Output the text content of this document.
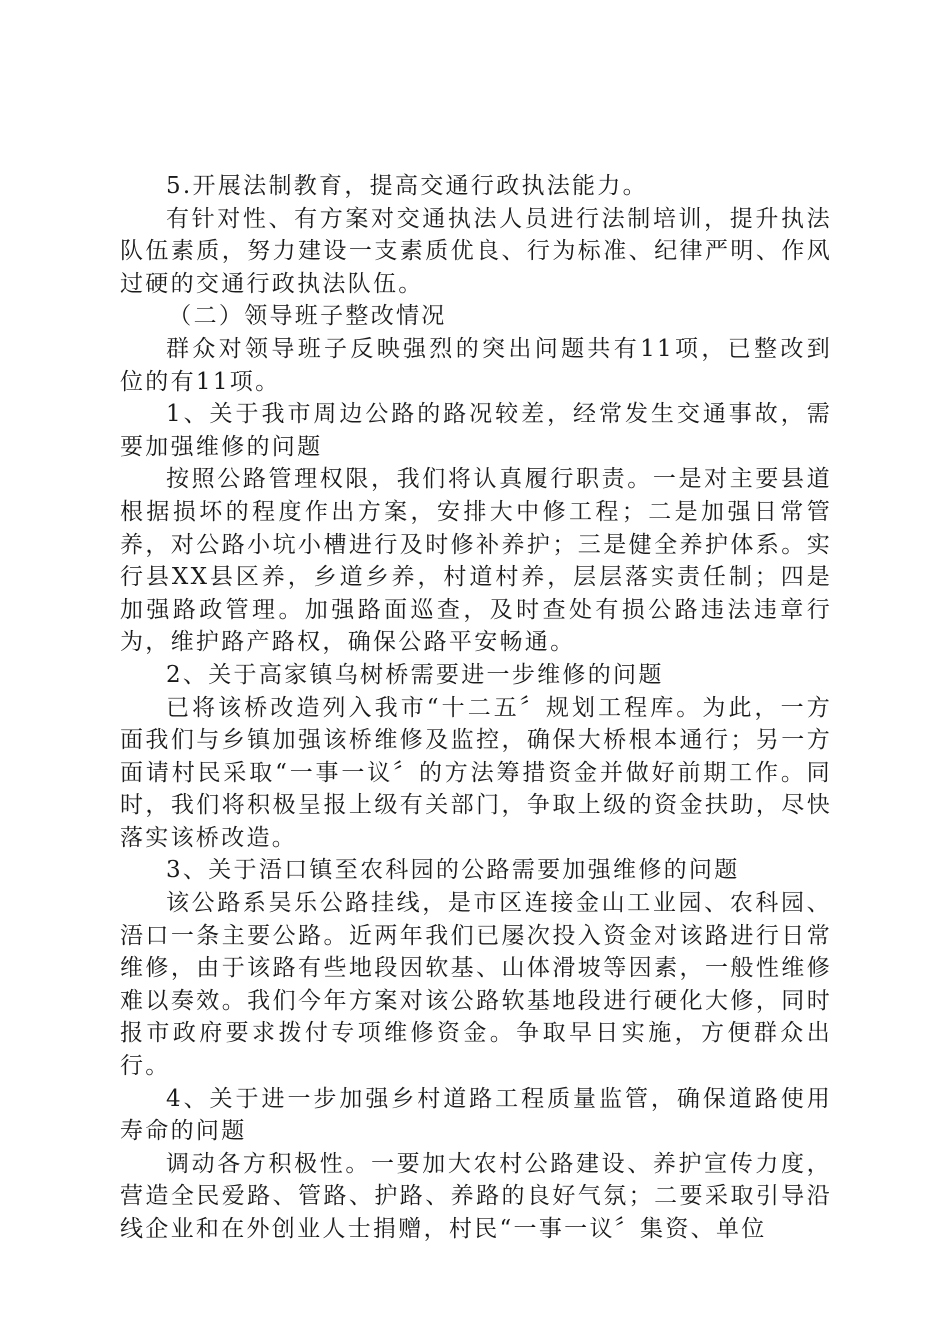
5.开展法制教育，提高交通行政执法能力。

有针对性、有方案对交通执法人员进行法制培训，提升执法队伍素质，努力建设一支素质优良、行为标准、纪律严明、作风过硬的交通行政执法队伍。

（二）领导班子整改情况

群众对领导班子反映强烈的突出问题共有11项，已整改到位的有11项。

1、关于我市周边公路的路况较差，经常发生交通事故，需要加强维修的问题

按照公路管理权限，我们将认真履行职责。一是对主要县道根据损坏的程度作出方案，安排大中修工程；二是加强日常管养，对公路小坑小槽进行及时修补养护；三是健全养护体系。实行县XX县区养，乡道乡养，村道村养，层层落实责任制；四是加强路政管理。加强路面巡查，及时查处有损公路违法违章行为，维护路产路权，确保公路平安畅通。

2、关于高家镇乌树桥需要进一步维修的问题

已将该桥改造列入我市“十二五〞规划工程库。为此，一方面我们与乡镇加强该桥维修及监控，确保大桥根本通行；另一方面请村民采取“一事一议〞的方法筹措资金并做好前期工作。同时，我们将积极呈报上级有关部门，争取上级的资金扶助，尽快落实该桥改造。

3、关于浯口镇至农科园的公路需要加强维修的问题

该公路系吴乐公路挂线，是市区连接金山工业园、农科园、浯口一条主要公路。近两年我们已屡次投入资金对该路进行日常维修，由于该路有些地段因软基、山体滑坡等因素，一般性维修难以奏效。我们今年方案对该公路软基地段进行硬化大修，同时报市政府要求拨付专项维修资金。争取早日实施，方便群众出行。

4、关于进一步加强乡村道路工程质量监管，确保道路使用寿命的问题

调动各方积极性。一要加大农村公路建设、养护宣传力度，营造全民爱路、管路、护路、养路的良好气氛；二要采取引导沿线企业和在外创业人士捐赠，村民“一事一议〞集资、单位
